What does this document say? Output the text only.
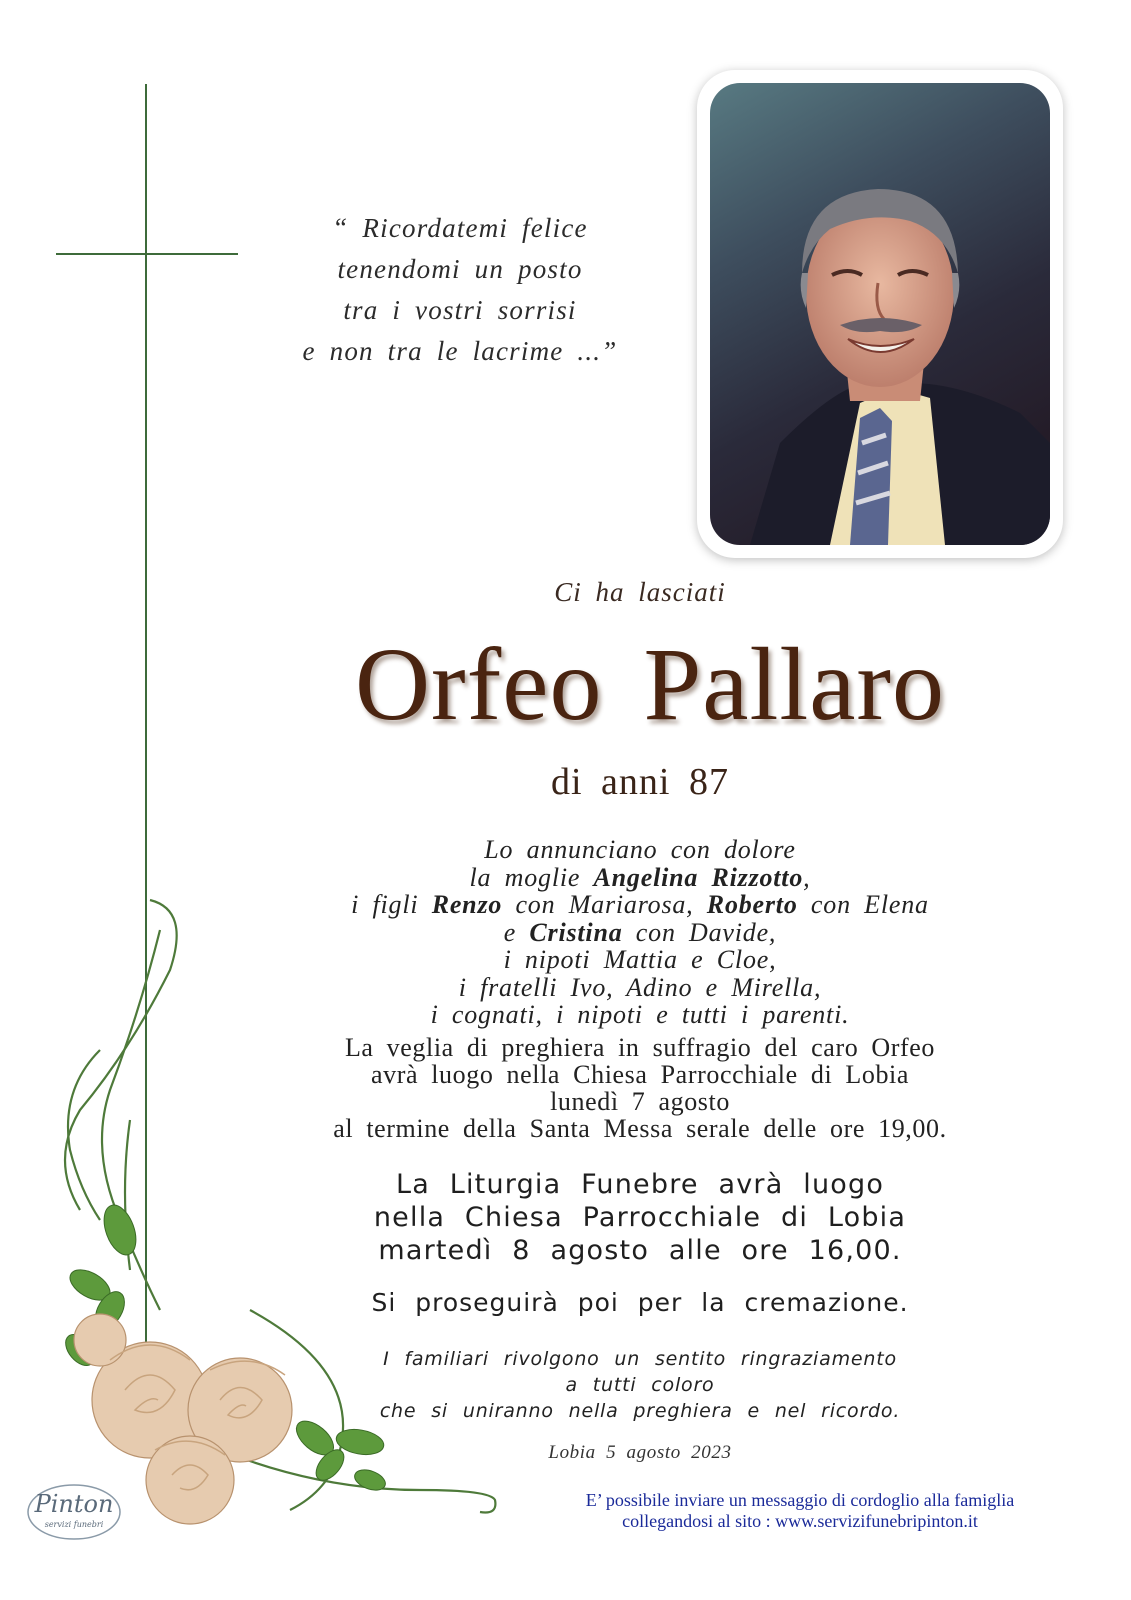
“ Ricordatemi felice
tenendomi un posto
tra i vostri sorrisi
e non tra le lacrime ...”
Ci ha lasciati
Orfeo Pallaro
di anni 87
Lo annunciano con dolore
la moglie Angelina Rizzotto,
i figli Renzo con Mariarosa, Roberto con Elena
e Cristina con Davide,
i nipoti Mattia e Cloe,
i fratelli Ivo, Adino e Mirella,
i cognati, i nipoti e tutti i parenti.
La veglia di preghiera in suffragio del caro Orfeo
avrà luogo nella Chiesa Parrocchiale di Lobia
lunedì 7 agosto
al termine della Santa Messa serale delle ore 19,00.
La Liturgia Funebre avrà luogo
nella Chiesa Parrocchiale di Lobia
martedì 8 agosto alle ore 16,00.
Si proseguirà poi per la cremazione.
I familiari rivolgono un sentito ringraziamento
a tutti coloro
che si uniranno nella preghiera e nel ricordo.
Lobia 5 agosto 2023
E’ possibile inviare un messaggio di cordoglio alla famiglia
collegandosi al sito : www.servizifunebripinton.it
Pinton
servizi funebri
